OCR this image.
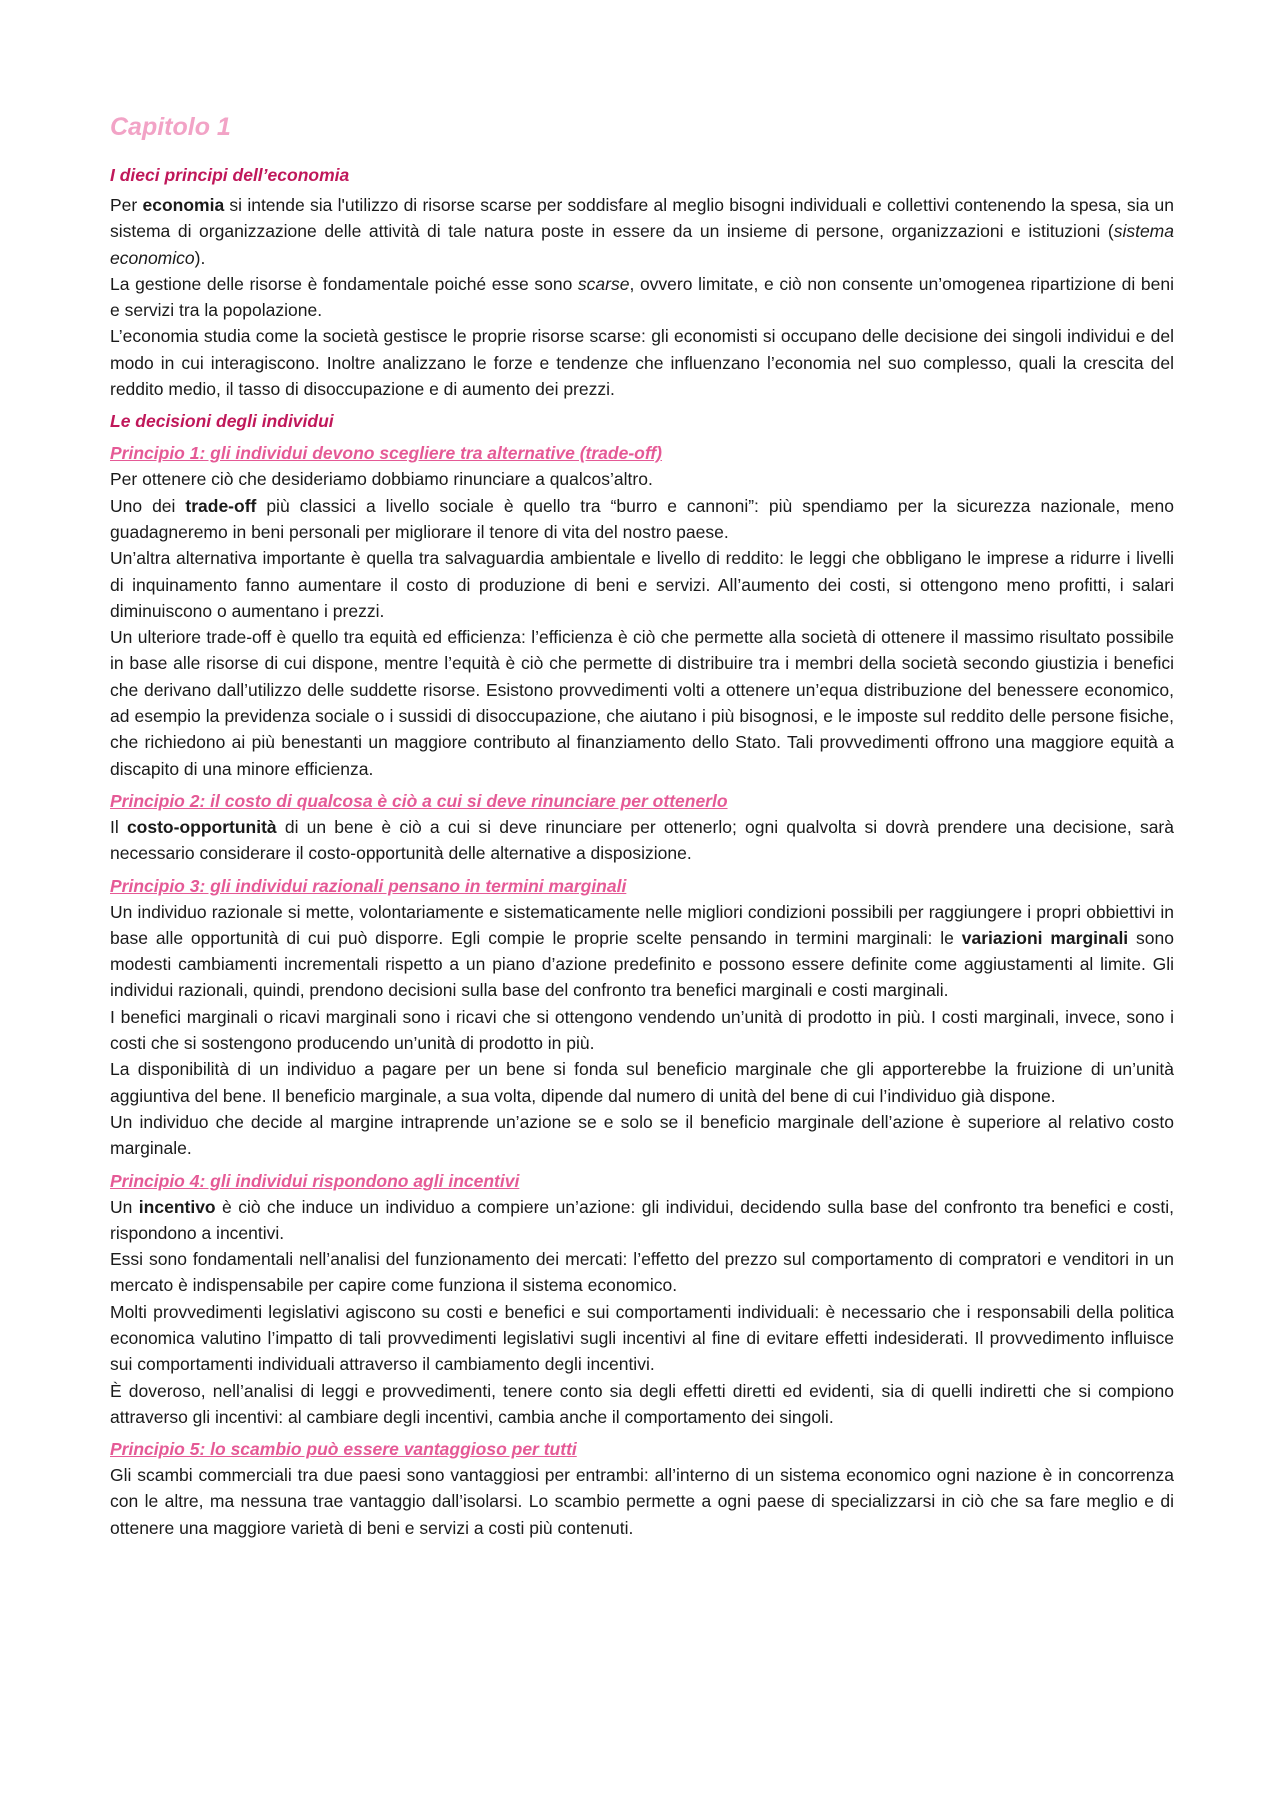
Capitolo 1
I dieci principi dell’economia

Per economia si intende sia l'utilizzo di risorse scarse per soddisfare al meglio bisogni individuali e collettivi contenendo la spesa, sia un sistema di organizzazione delle attività di tale natura poste in essere da un insieme di persone, organizzazioni e istituzioni (sistema economico).

La gestione delle risorse è fondamentale poiché esse sono scarse, ovvero limitate, e ciò non consente un’omogenea ripartizione di beni e servizi tra la popolazione.

L’economia studia come la società gestisce le proprie risorse scarse: gli economisti si occupano delle decisione dei singoli individui e del modo in cui interagiscono. Inoltre analizzano le forze e tendenze che influenzano l’economia nel suo complesso, quali la crescita del reddito medio, il tasso di disoccupazione e di aumento dei prezzi.

Le decisioni degli individui
Principio 1: gli individui devono scegliere tra alternative (trade-off)

Per ottenere ciò che desideriamo dobbiamo rinunciare a qualcos’altro.

Uno dei trade-off più classici a livello sociale è quello tra “burro e cannoni”: più spendiamo per la sicurezza nazionale, meno guadagneremo in beni personali per migliorare il tenore di vita del nostro paese.

Un’altra alternativa importante è quella tra salvaguardia ambientale e livello di reddito: le leggi che obbligano le imprese a ridurre i livelli di inquinamento fanno aumentare il costo di produzione di beni e servizi. All’aumento dei costi, si ottengono meno profitti, i salari diminuiscono o aumentano i prezzi.

Un ulteriore trade-off è quello tra equità ed efficienza: l’efficienza è ciò che permette alla società di ottenere il massimo risultato possibile in base alle risorse di cui dispone, mentre l’equità è ciò che permette di distribuire tra i membri della società secondo giustizia i benefici che derivano dall’utilizzo delle suddette risorse. Esistono provvedimenti volti a ottenere un’equa distribuzione del benessere economico, ad esempio la previdenza sociale o i sussidi di disoccupazione, che aiutano i più bisognosi, e le imposte sul reddito delle persone fisiche, che richiedono ai più benestanti un maggiore contributo al finanziamento dello Stato. Tali provvedimenti offrono una maggiore equità a discapito di una minore efficienza.

Principio 2: il costo di qualcosa è ciò a cui si deve rinunciare per ottenerlo

Il costo-opportunità di un bene è ciò a cui si deve rinunciare per ottenerlo; ogni qualvolta si dovrà prendere una decisione, sarà necessario considerare il costo-opportunità delle alternative a disposizione.

Principio 3: gli individui razionali pensano in termini marginali

Un individuo razionale si mette, volontariamente e sistematicamente nelle migliori condizioni possibili per raggiungere i propri obbiettivi in base alle opportunità di cui può disporre. Egli compie le proprie scelte pensando in termini marginali: le variazioni marginali sono modesti cambiamenti incrementali rispetto a un piano d’azione predefinito e possono essere definite come aggiustamenti al limite. Gli individui razionali, quindi, prendono decisioni sulla base del confronto tra benefici marginali e costi marginali.

I benefici marginali o ricavi marginali sono i ricavi che si ottengono vendendo un’unità di prodotto in più. I costi marginali, invece, sono i costi che si sostengono producendo un’unità di prodotto in più.

La disponibilità di un individuo a pagare per un bene si fonda sul beneficio marginale che gli apporterebbe la fruizione di un’unità aggiuntiva del bene. Il beneficio marginale, a sua volta, dipende dal numero di unità del bene di cui l’individuo già dispone.

Un individuo che decide al margine intraprende un’azione se e solo se il beneficio marginale dell’azione è superiore al relativo costo marginale.

Principio 4: gli individui rispondono agli incentivi

Un incentivo è ciò che induce un individuo a compiere un’azione: gli individui, decidendo sulla base del confronto tra benefici e costi, rispondono a incentivi.

Essi sono fondamentali nell’analisi del funzionamento dei mercati: l’effetto del prezzo sul comportamento di compratori e venditori in un mercato è indispensabile per capire come funziona il sistema economico.

Molti provvedimenti legislativi agiscono su costi e benefici e sui comportamenti individuali: è necessario che i responsabili della politica economica valutino l’impatto di tali provvedimenti legislativi sugli incentivi al fine di evitare effetti indesiderati. Il provvedimento influisce sui comportamenti individuali attraverso il cambiamento degli incentivi.

È doveroso, nell’analisi di leggi e provvedimenti, tenere conto sia degli effetti diretti ed evidenti, sia di quelli indiretti che si compiono attraverso gli incentivi: al cambiare degli incentivi, cambia anche il comportamento dei singoli.

Principio 5: lo scambio può essere vantaggioso per tutti

Gli scambi commerciali tra due paesi sono vantaggiosi per entrambi: all’interno di un sistema economico ogni nazione è in concorrenza con le altre, ma nessuna trae vantaggio dall’isolarsi. Lo scambio permette a ogni paese di specializzarsi in ciò che sa fare meglio e di ottenere una maggiore varietà di beni e servizi a costi più contenuti.
